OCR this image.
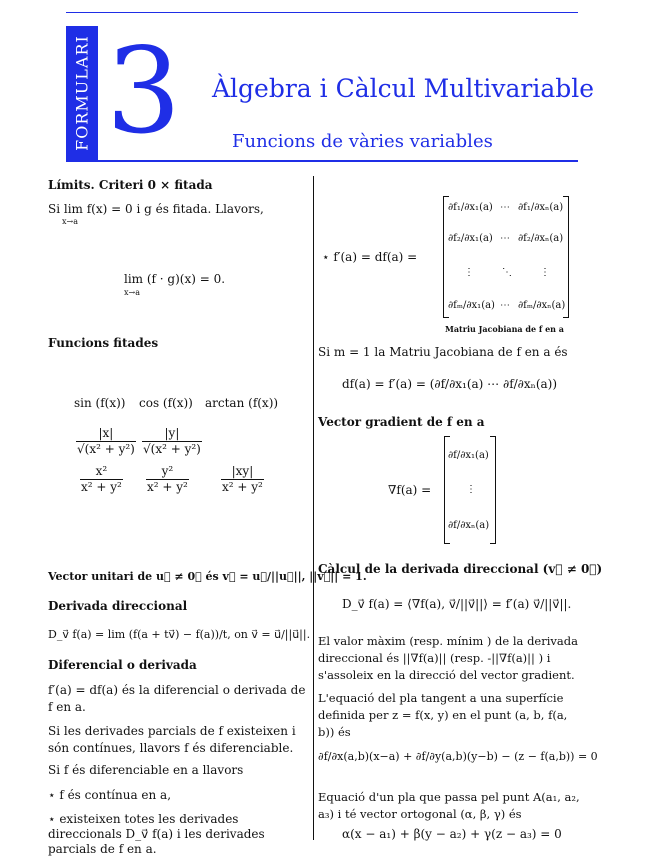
FORMULARI 3 Àlgebra i Càlcul Multivariable
Funcions de vàries variables
Límits. Criteri 0 × fitada
Si lim f(x) = 0 i g és fitada. Llavors,
x→a
lim (f · g)(x) = 0.
x→a
Funcions fitades
sin (f(x)) cos (f(x)) arctan (f(x))
$\frac{|x|}{\text{√(x² + y²)}} \frac{|y|}{\text{√(x² + y²)}}$
$\frac{\text{x²}}{\text{x² + y²}} \frac{\text{y²}}{\text{x² + y²}}$	$\frac{|xy|}{\text{x² + y²}}$
Vector unitari de u⃗ ≠ 0⃗ és v⃗ = u⃗/||u⃗||, ||v⃗|| = 1.
Derivada direccional
D_v⃗ f(a) = lim (f(a + tv⃗) − f(a))/t, on v⃗ = u⃗/||u⃗||.
Diferencial o derivada
f′(a) = df(a) és la diferencial o derivada de f en a.
Si les derivades parcials de f existeixen i són contínues, llavors f és diferenciable.
Si f és diferenciable en a llavors
⋆ f és contínua en a,
⋆ existeixen totes les derivades direccionals D_v⃗ f(a) i les derivades parcials de f en a.
⋆ f′(a) = df(a) =
∂f₁/∂x₁(a) ⋯ ∂f₁/∂xₙ(a)
∂f₂/∂x₁(a) ⋯ ∂f₂/∂xₙ(a)
⋮	⋱	⋮
∂fₘ/∂x₁(a) ⋯ ∂fₘ/∂xₙ(a)
Matriu Jacobiana de f en a
Si m = 1 la Matriu Jacobiana de f en a és
df(a) = f′(a) = (∂f/∂x₁(a) ⋯ ∂f/∂xₙ(a))
Vector gradient de f en a
∇f(a) =
∂f/∂x₁(a)
⋮
∂f/∂xₙ(a)
Càlcul de la derivada direccional (v⃗ ≠ 0⃗)
D_v⃗ f(a) = ⟨∇f(a), v⃗/||v⃗||⟩ = f′(a) v⃗/||v⃗||.
El valor màxim (resp. mínim ) de la derivada direccional és ||∇f(a)|| (resp. -||∇f(a)|| ) i s'assoleix en la direcció del vector gradient.
L'equació del pla tangent a una superfície definida per z = f(x, y) en el punt (a, b, f(a, b)) és
∂f/∂x(a,b)(x−a) + ∂f/∂y(a,b)(y−b) − (z − f(a,b)) = 0
Equació d'un pla que passa pel punt A(a₁, a₂, a₃) i té vector ortogonal (α, β, γ) és
α(x − a₁) + β(y − a₂) + γ(z − a₃) = 0
